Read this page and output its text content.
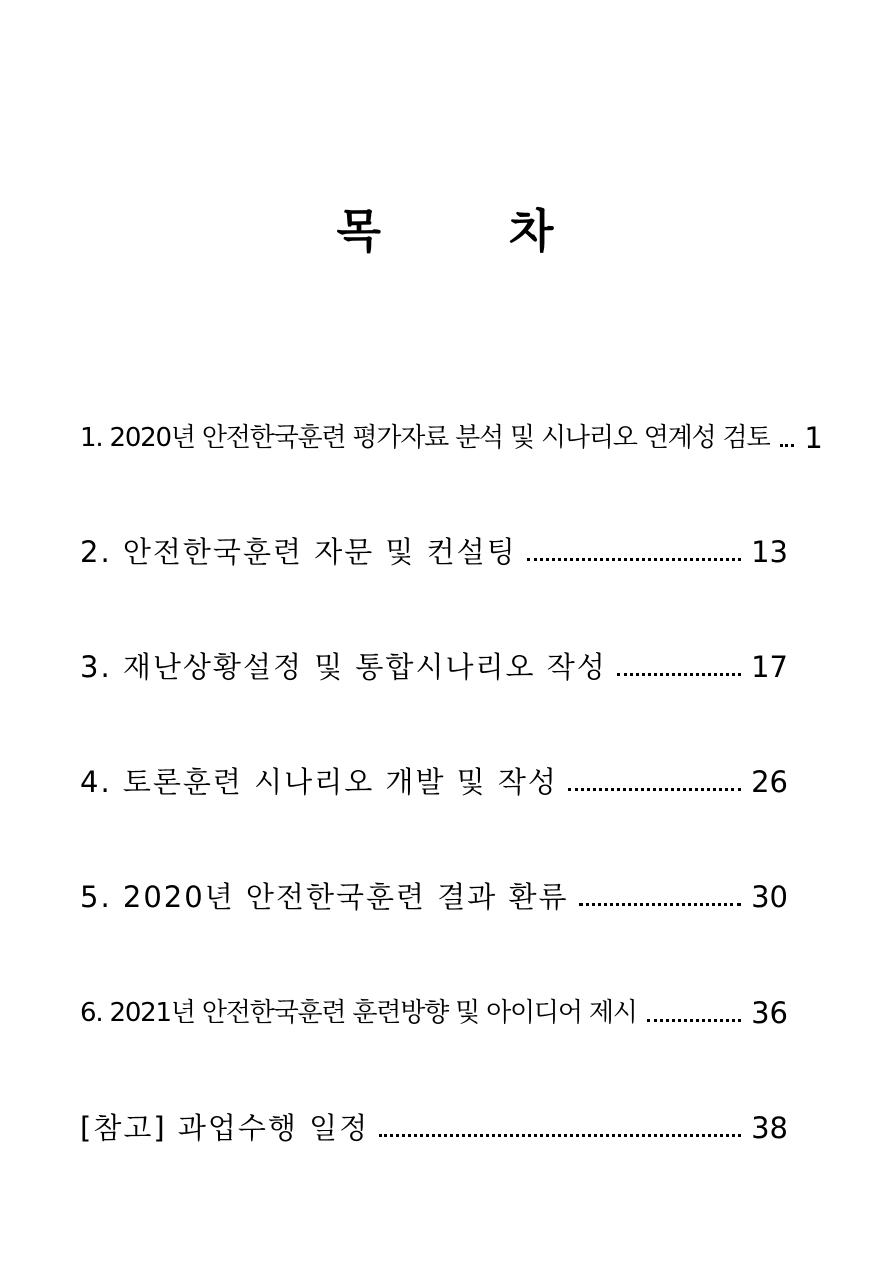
목 차
1. 2020년 안전한국훈련 평가자료 분석 및 시나리오 연계성 검토 1
2. 안전한국훈련 자문 및 컨설팅	13
3. 재난상황설정 및 통합시나리오 작성	17
4. 토론훈련 시나리오 개발 및 작성	26
5. 2020년 안전한국훈련 결과 환류	30
6. 2021년 안전한국훈련 훈련방향 및 아이디어 제시	36
[참고] 과업수행 일정	38
